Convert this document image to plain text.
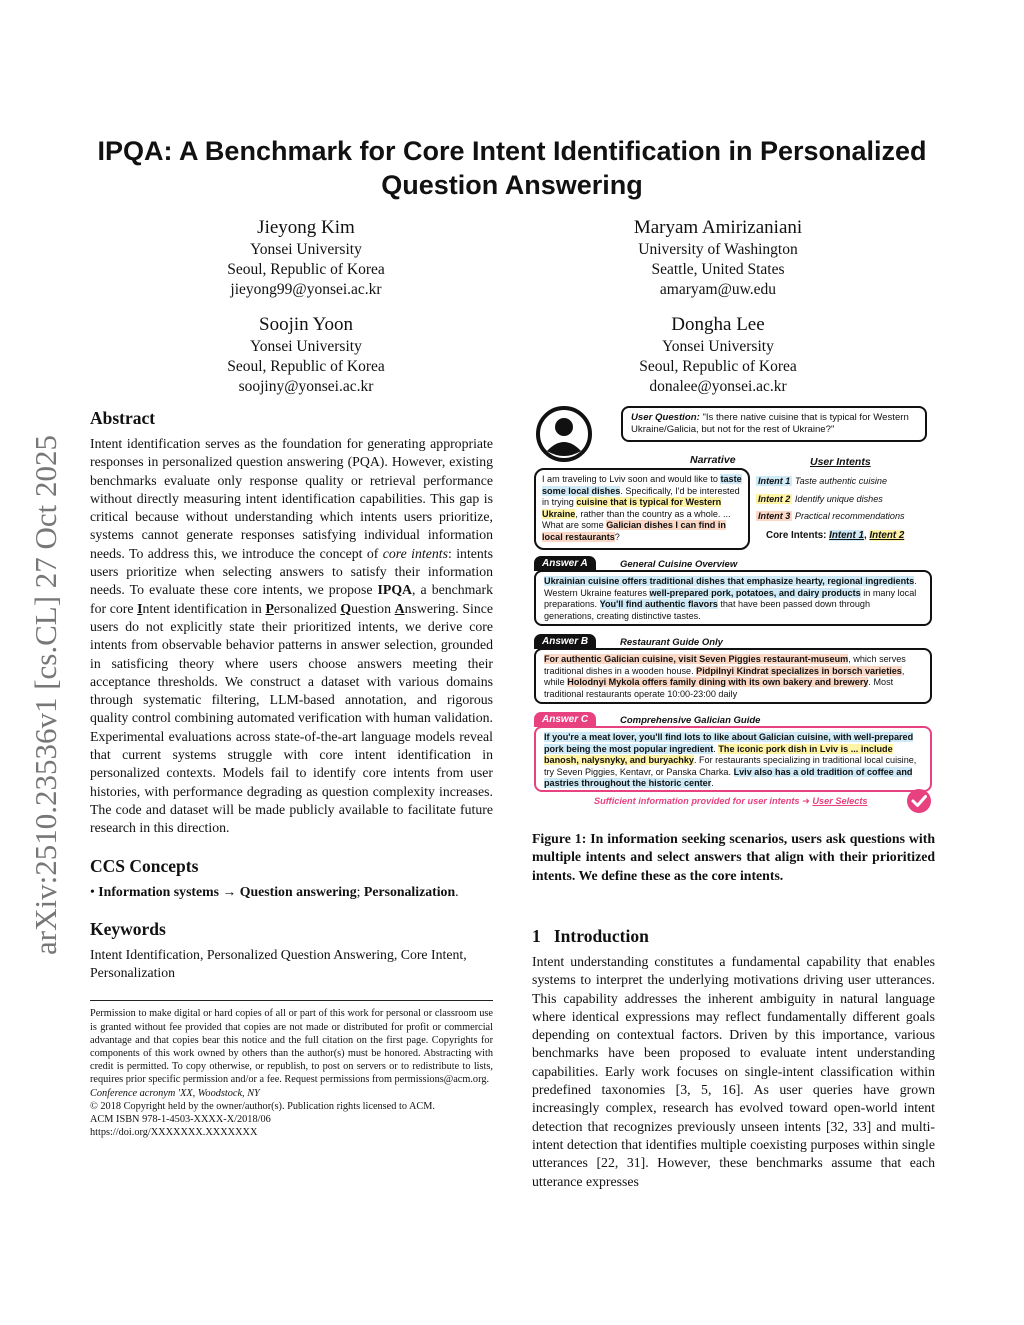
arXiv:2510.23536v1 [cs.CL] 27 Oct 2025
IPQA: A Benchmark for Core Intent Identification in Personalized Question Answering
Jieyong Kim
Yonsei University
Seoul, Republic of Korea
jieyong99@yonsei.ac.kr
Maryam Amirizaniani
University of Washington
Seattle, United States
amaryam@uw.edu
Soojin Yoon
Yonsei University
Seoul, Republic of Korea
soojiny@yonsei.ac.kr
Dongha Lee
Yonsei University
Seoul, Republic of Korea
donalee@yonsei.ac.kr
Abstract

Intent identification serves as the foundation for generating appropriate responses in personalized question answering (PQA). However, existing benchmarks evaluate only response quality or retrieval performance without directly measuring intent identification capabilities. This gap is critical because without understanding which intents users prioritize, systems cannot generate responses satisfying individual information needs. To address this, we introduce the concept of core intents: intents users prioritize when selecting answers to satisfy their information needs. To evaluate these core intents, we propose IPQA, a benchmark for core Intent identification in Personalized Question Answering. Since users do not explicitly state their prioritized intents, we derive core intents from observable behavior patterns in answer selection, grounded in satisficing theory where users choose answers meeting their acceptance thresholds. We construct a dataset with various domains through systematic filtering, LLM-based annotation, and rigorous quality control combining automated verification with human validation. Experimental evaluations across state-of-the-art language models reveal that current systems struggle with core intent identification in personalized contexts. Models fail to identify core intents from user histories, with performance degrading as question complexity increases. The code and dataset will be made publicly available to facilitate future research in this direction.

CCS Concepts

• Information systems → Question answering; Personalization.

Keywords

Intent Identification, Personalized Question Answering, Core Intent, Personalization

Permission to make digital or hard copies of all or part of this work for personal or classroom use is granted without fee provided that copies are not made or distributed for profit or commercial advantage and that copies bear this notice and the full citation on the first page. Copyrights for components of this work owned by others than the author(s) must be honored. Abstracting with credit is permitted. To copy otherwise, or republish, to post on servers or to redistribute to lists, requires prior specific permission and/or a fee. Request permissions from permissions@acm.org.

Conference acronym 'XX, Woodstock, NY

© 2018 Copyright held by the owner/author(s). Publication rights licensed to ACM.

ACM ISBN 978-1-4503-XXXX-X/2018/06

https://doi.org/XXXXXXX.XXXXXXX

User Question: "Is there native cuisine that is typical for Western Ukraine/Galicia, but not for the rest of Ukraine?"
Narrative
I am traveling to Lviv soon and would like to taste some local dishes. Specifically, I'd be interested in trying cuisine that is typical for Western Ukraine, rather than the country as a whole. ... What are some Galician dishes I can find in local restaurants?
User Intents
Intent 1 Taste authentic cuisine
Intent 2 Identify unique dishes
Intent 3 Practical recommendations
Core Intents: Intent 1, Intent 2
Answer A	General Cuisine Overview
Ukrainian cuisine offers traditional dishes that emphasize hearty, regional ingredients. Western Ukraine features well-prepared pork, potatoes, and dairy products in many local preparations. You'll find authentic flavors that have been passed down through generations, creating distinctive tastes.
Answer B	Restaurant Guide Only
For authentic Galician cuisine, visit Seven Piggies restaurant-museum, which serves traditional dishes in a wooden house. Pidpilnyi Kindrat specializes in borsch varieties, while Holodnyi Mykola offers family dining with its own bakery and brewery. Most traditional restaurants operate 10:00-23:00 daily
Answer C	Comprehensive Galician Guide
If you're a meat lover, you'll find lots to like about Galician cuisine, with well-prepared pork being the most popular ingredient. The iconic pork dish in Lviv is ... include banosh, nalysnyky, and buryachky. For restaurants specializing in traditional local cuisine, try Seven Piggies, Kentavr, or Panska Charka. Lviv also has a old tradition of coffee and pastries throughout the historic center.
Sufficient information provided for user intents ➜ User Selects
Figure 1: In information seeking scenarios, users ask questions with multiple intents and select answers that align with their prioritized intents. We define these as the core intents.
1 Introduction

Intent understanding constitutes a fundamental capability that enables systems to interpret the underlying motivations driving user utterances. This capability addresses the inherent ambiguity in natural language where identical expressions may reflect fundamentally different goals depending on contextual factors. Driven by this importance, various benchmarks have been proposed to evaluate intent understanding capabilities. Early work focuses on single-intent classification within predefined taxonomies [3, 5, 16]. As user queries have grown increasingly complex, research has evolved toward open-world intent detection that recognizes previously unseen intents [32, 33] and multi-intent detection that identifies multiple coexisting purposes within single utterances [22, 31]. However, these benchmarks assume that each utterance expresses
